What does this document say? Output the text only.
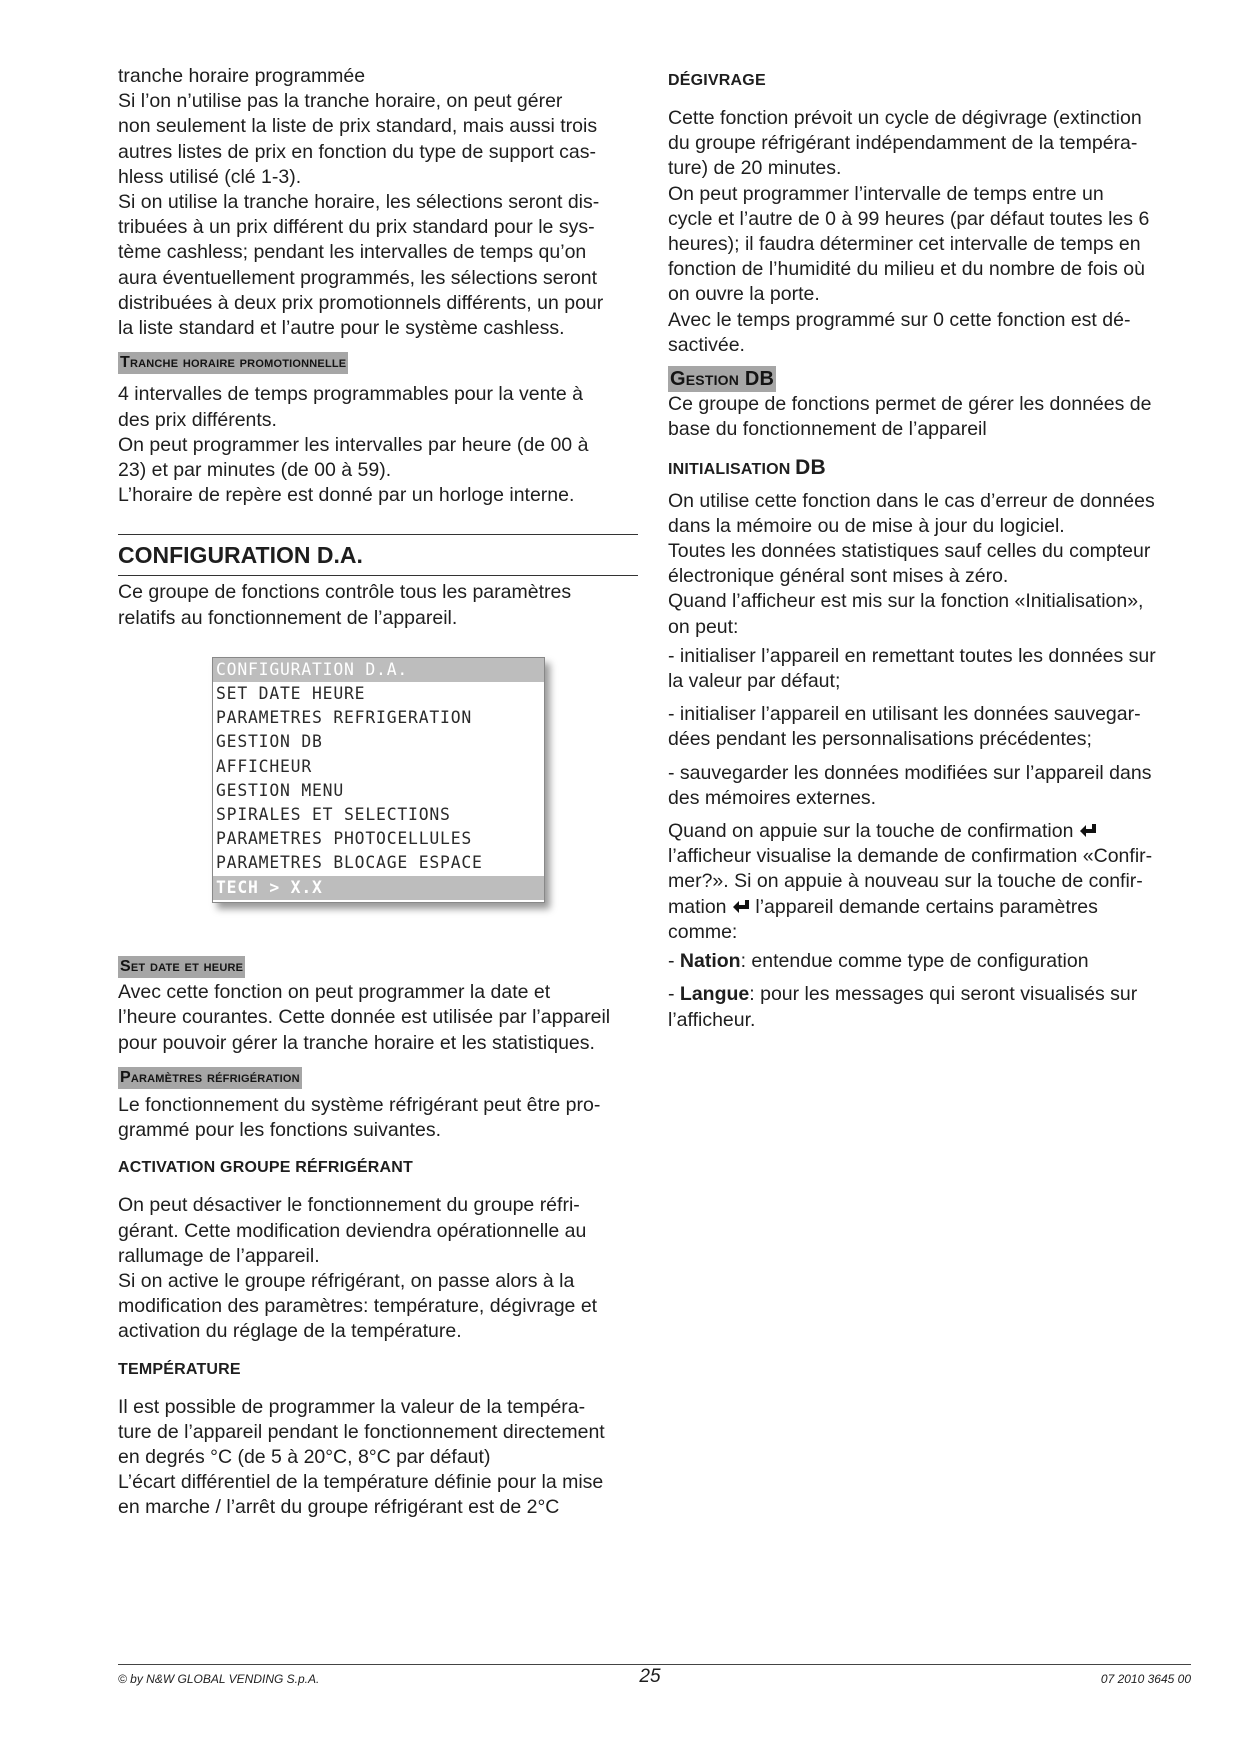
tranche horaire programmée

Si l’on n’utilise pas la tranche horaire, on peut gérer

non seulement la liste de prix standard, mais aussi trois

autres listes de prix en fonction du type de support cas-

hless utilisé (clé 1-3).

Si on utilise la tranche horaire, les sélections seront dis-

tribuées à un prix différent du prix standard pour le sys-

tème cashless; pendant les intervalles de temps qu’on

aura éventuellement programmés, les sélections seront

distribuées à deux prix promotionnels différents, un pour

la liste standard et l’autre pour le système cashless.

Tranche horaire promotionnelle

4 intervalles de temps programmables pour la vente à

des prix différents.

On peut programmer les intervalles par heure (de 00 à

23) et par minutes (de 00 à 59).

L’horaire de repère est donné par un horloge interne.

CONFIGURATION D.A.

Ce groupe de fonctions contrôle tous les paramètres

relatifs au fonctionnement de l’appareil.

CONFIGURATION D.A.
SET DATE HEURE
PARAMETRES REFRIGERATION
GESTION DB
AFFICHEUR
GESTION MENU
SPIRALES ET SELECTIONS
PARAMETRES PHOTOCELLULES
PARAMETRES BLOCAGE ESPACE
TECH > X.X
Set date et heure

Avec cette fonction on peut programmer la date et

l’heure courantes. Cette donnée est utilisée par l’appareil

pour pouvoir gérer la tranche horaire et les statistiques.

Paramètres réfrigération

Le fonctionnement du système réfrigérant peut être pro-

grammé pour les fonctions suivantes.

ACTIVATION GROUPE RÉFRIGÉRANT

On peut désactiver le fonctionnement du groupe réfri-

gérant. Cette modification deviendra opérationnelle au

rallumage de l’appareil.

Si on active le groupe réfrigérant, on passe alors à la

modification des paramètres: température, dégivrage et

activation du réglage de la température.

TEMPÉRATURE

Il est possible de programmer la valeur de la tempéra-

ture de l’appareil pendant le fonctionnement directement

en degrés °C (de 5 à 20°C, 8°C par défaut)

L’écart différentiel de la température définie pour la mise

en marche / l’arrêt du groupe réfrigérant est de 2°C

DÉGIVRAGE

Cette fonction prévoit un cycle de dégivrage (extinction

du groupe réfrigérant indépendamment de la tempéra-

ture) de 20 minutes.

On peut programmer l’intervalle de temps entre un

cycle et l’autre de 0 à 99 heures (par défaut toutes les 6

heures); il faudra déterminer cet intervalle de temps en

fonction de l’humidité du milieu et du nombre de fois où

on ouvre la porte.

Avec le temps programmé sur 0 cette fonction est dé-

sactivée.

Gestion DB

Ce groupe de fonctions permet de gérer les données de

base du fonctionnement de l’appareil

INITIALISATION DB

On utilise cette fonction dans le cas d’erreur de données

dans la mémoire ou de mise à jour du logiciel.

Toutes les données statistiques sauf celles du compteur

électronique général sont mises à zéro.

Quand l’afficheur est mis sur la fonction «Initialisation»,

on peut:

- initialiser l’appareil en remettant toutes les données sur

la valeur par défaut;

- initialiser l’appareil en utilisant les données sauvegar-

dées pendant les personnalisations précédentes;

- sauvegarder les données modifiées sur l’appareil dans

des mémoires externes.

Quand on appuie sur la touche de confirmation

l’afficheur visualise la demande de confirmation «Confir-

mer?». Si on appuie à nouveau sur la touche de confir-

mation l’appareil demande certains paramètres

comme:

- Nation: entendue comme type de configuration

- Langue: pour les messages qui seront visualisés sur

l’afficheur.

© by N&W GLOBAL VENDING S.p.A.	25	07 2010 3645 00
